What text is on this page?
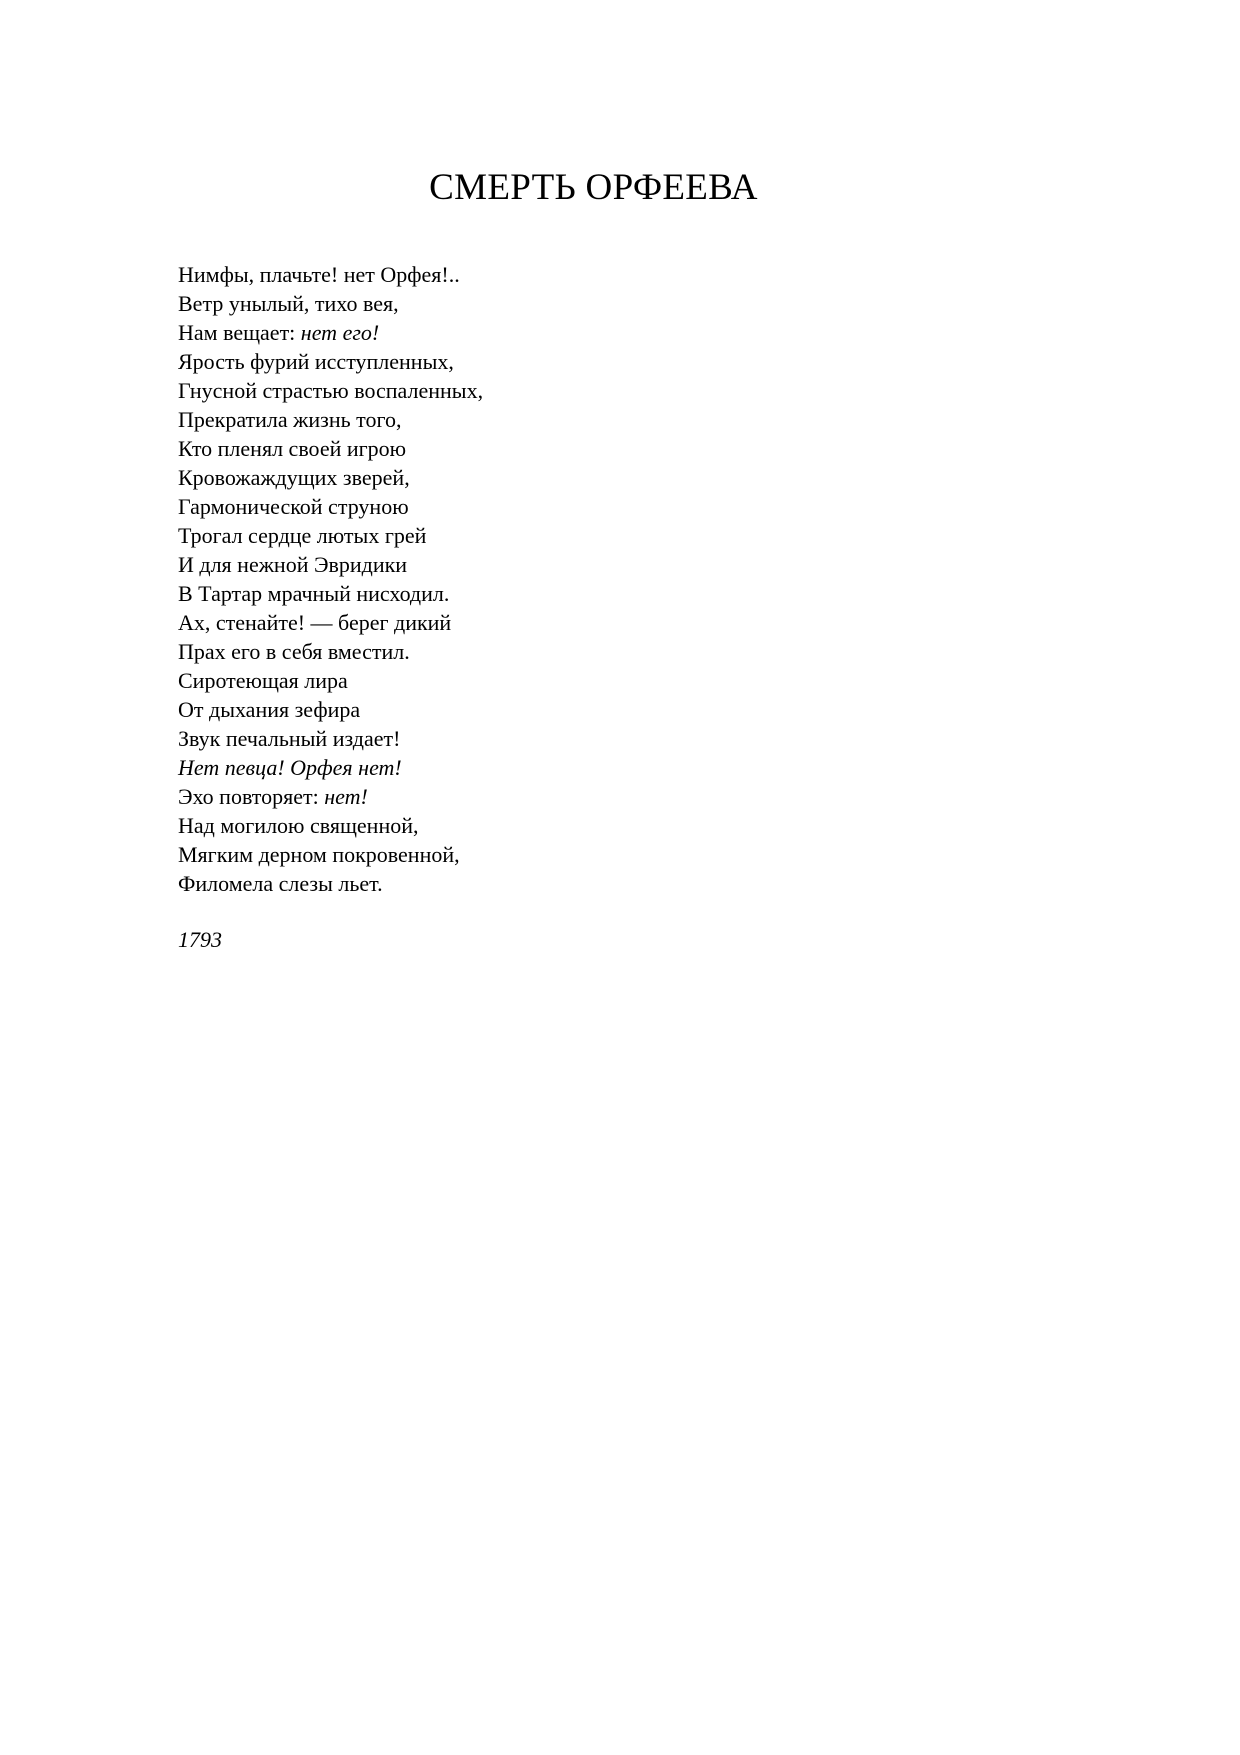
СМЕРТЬ ОРФЕЕВА
Нимфы, плачьте! нет Орфея!..
Ветр унылый, тихо вея,
Нам вещает: нет его!
Ярость фурий исступленных,
Гнусной страстью воспаленных,
Прекратила жизнь того,
Кто пленял своей игрою
Кровожаждущих зверей,
Гармонической струною
Трогал сердце лютых грей
И для нежной Эвридики
В Тартар мрачный нисходил.
Ах, стенайте! — берег дикий
Прах его в себя вместил.
Сиротеющая лира
От дыхания зефира
Звук печальный издает!
Нет певца! Орфея нет!
Эхо повторяет: нет!
Над могилою священной,
Мягким дерном покровенной,
Филомела слезы льет.
1793
